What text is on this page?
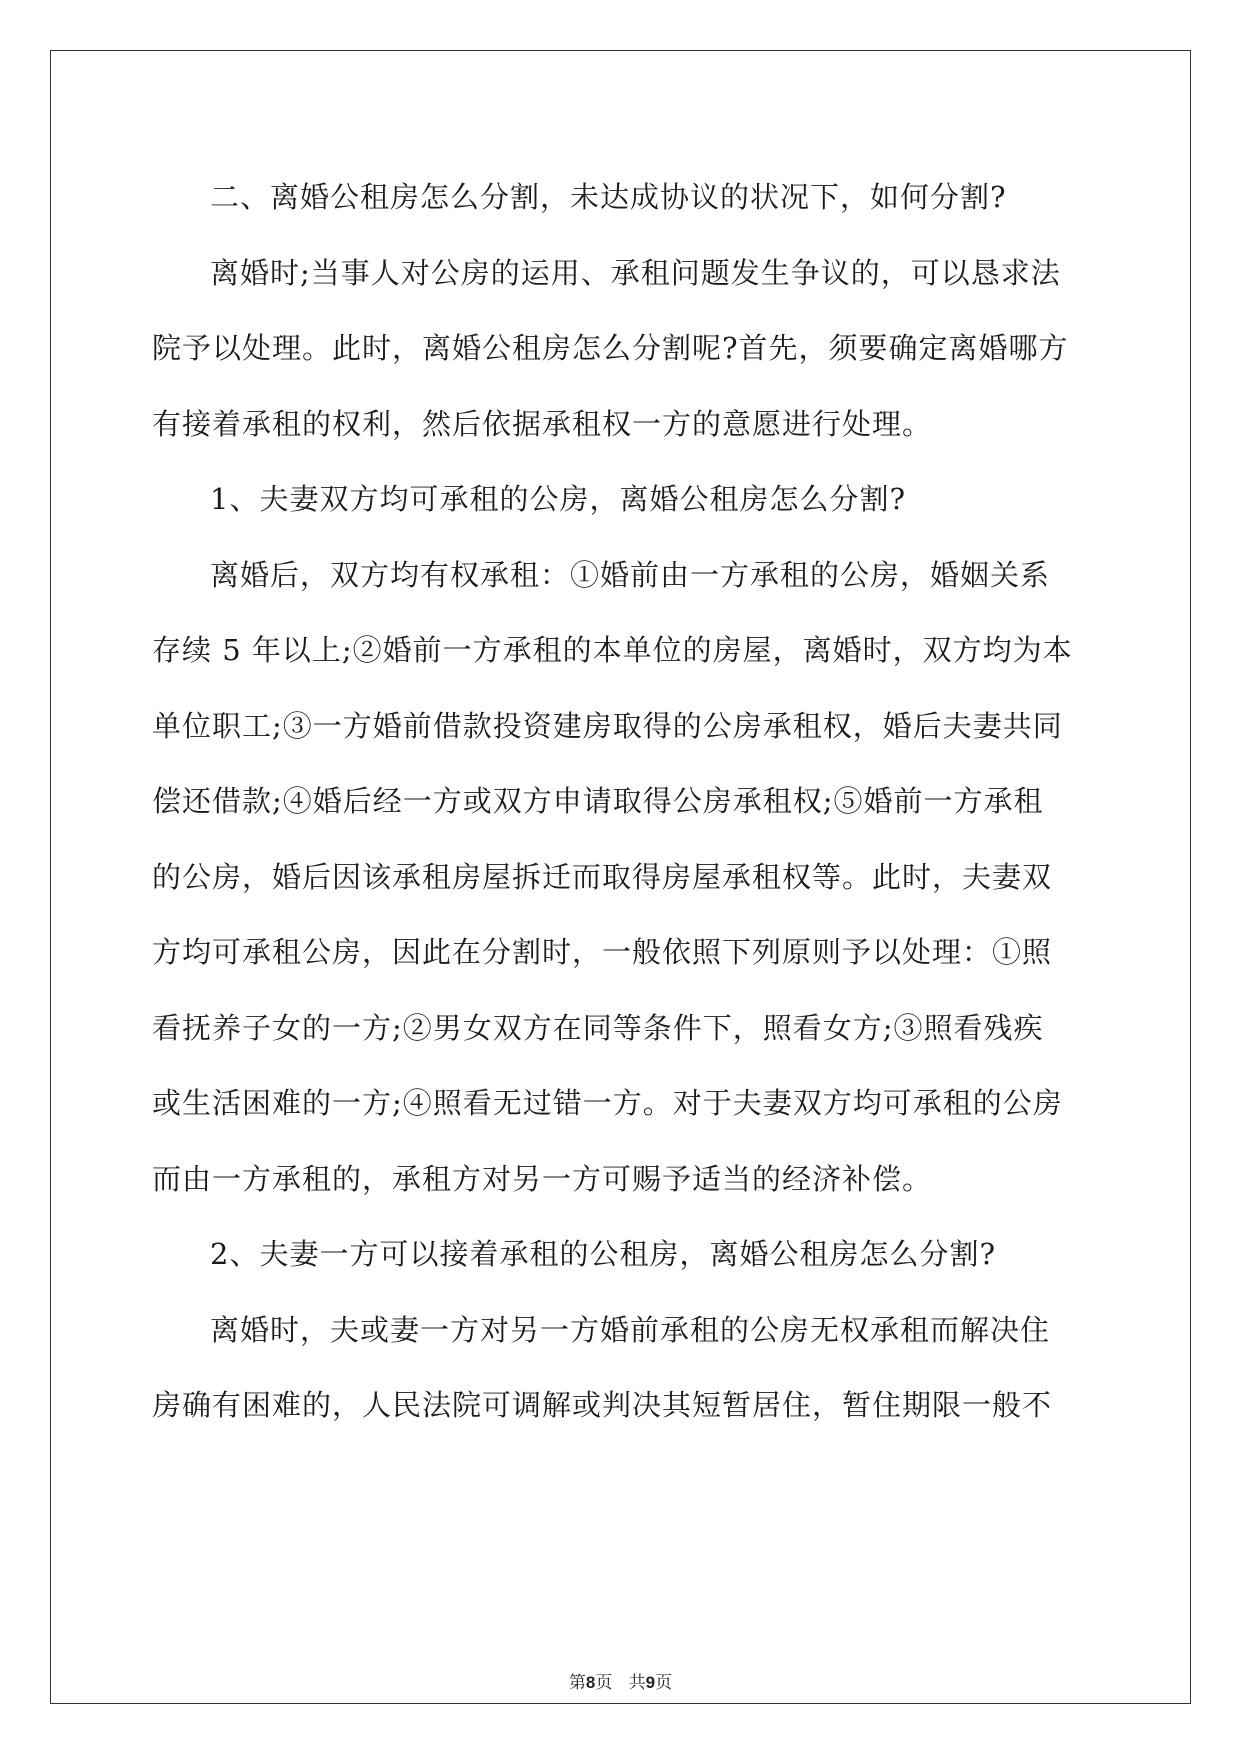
二、离婚公租房怎么分割，未达成协议的状况下，如何分割?

离婚时;当事人对公房的运用、承租问题发生争议的，可以恳求法
院予以处理。此时，离婚公租房怎么分割呢?首先，须要确定离婚哪方
有接着承租的权利，然后依据承租权一方的意愿进行处理。

1、夫妻双方均可承租的公房，离婚公租房怎么分割?

离婚后，双方均有权承租：①婚前由一方承租的公房，婚姻关系
存续 5 年以上;②婚前一方承租的本单位的房屋，离婚时，双方均为本
单位职工;③一方婚前借款投资建房取得的公房承租权，婚后夫妻共同
偿还借款;④婚后经一方或双方申请取得公房承租权;⑤婚前一方承租
的公房，婚后因该承租房屋拆迁而取得房屋承租权等。此时，夫妻双
方均可承租公房，因此在分割时，一般依照下列原则予以处理：①照
看抚养子女的一方;②男女双方在同等条件下，照看女方;③照看残疾
或生活困难的一方;④照看无过错一方。对于夫妻双方均可承租的公房
而由一方承租的，承租方对另一方可赐予适当的经济补偿。

2、夫妻一方可以接着承租的公租房，离婚公租房怎么分割?

离婚时，夫或妻一方对另一方婚前承租的公房无权承租而解决住
房确有困难的，人民法院可调解或判决其短暂居住，暂住期限一般不

第8页 共9页
